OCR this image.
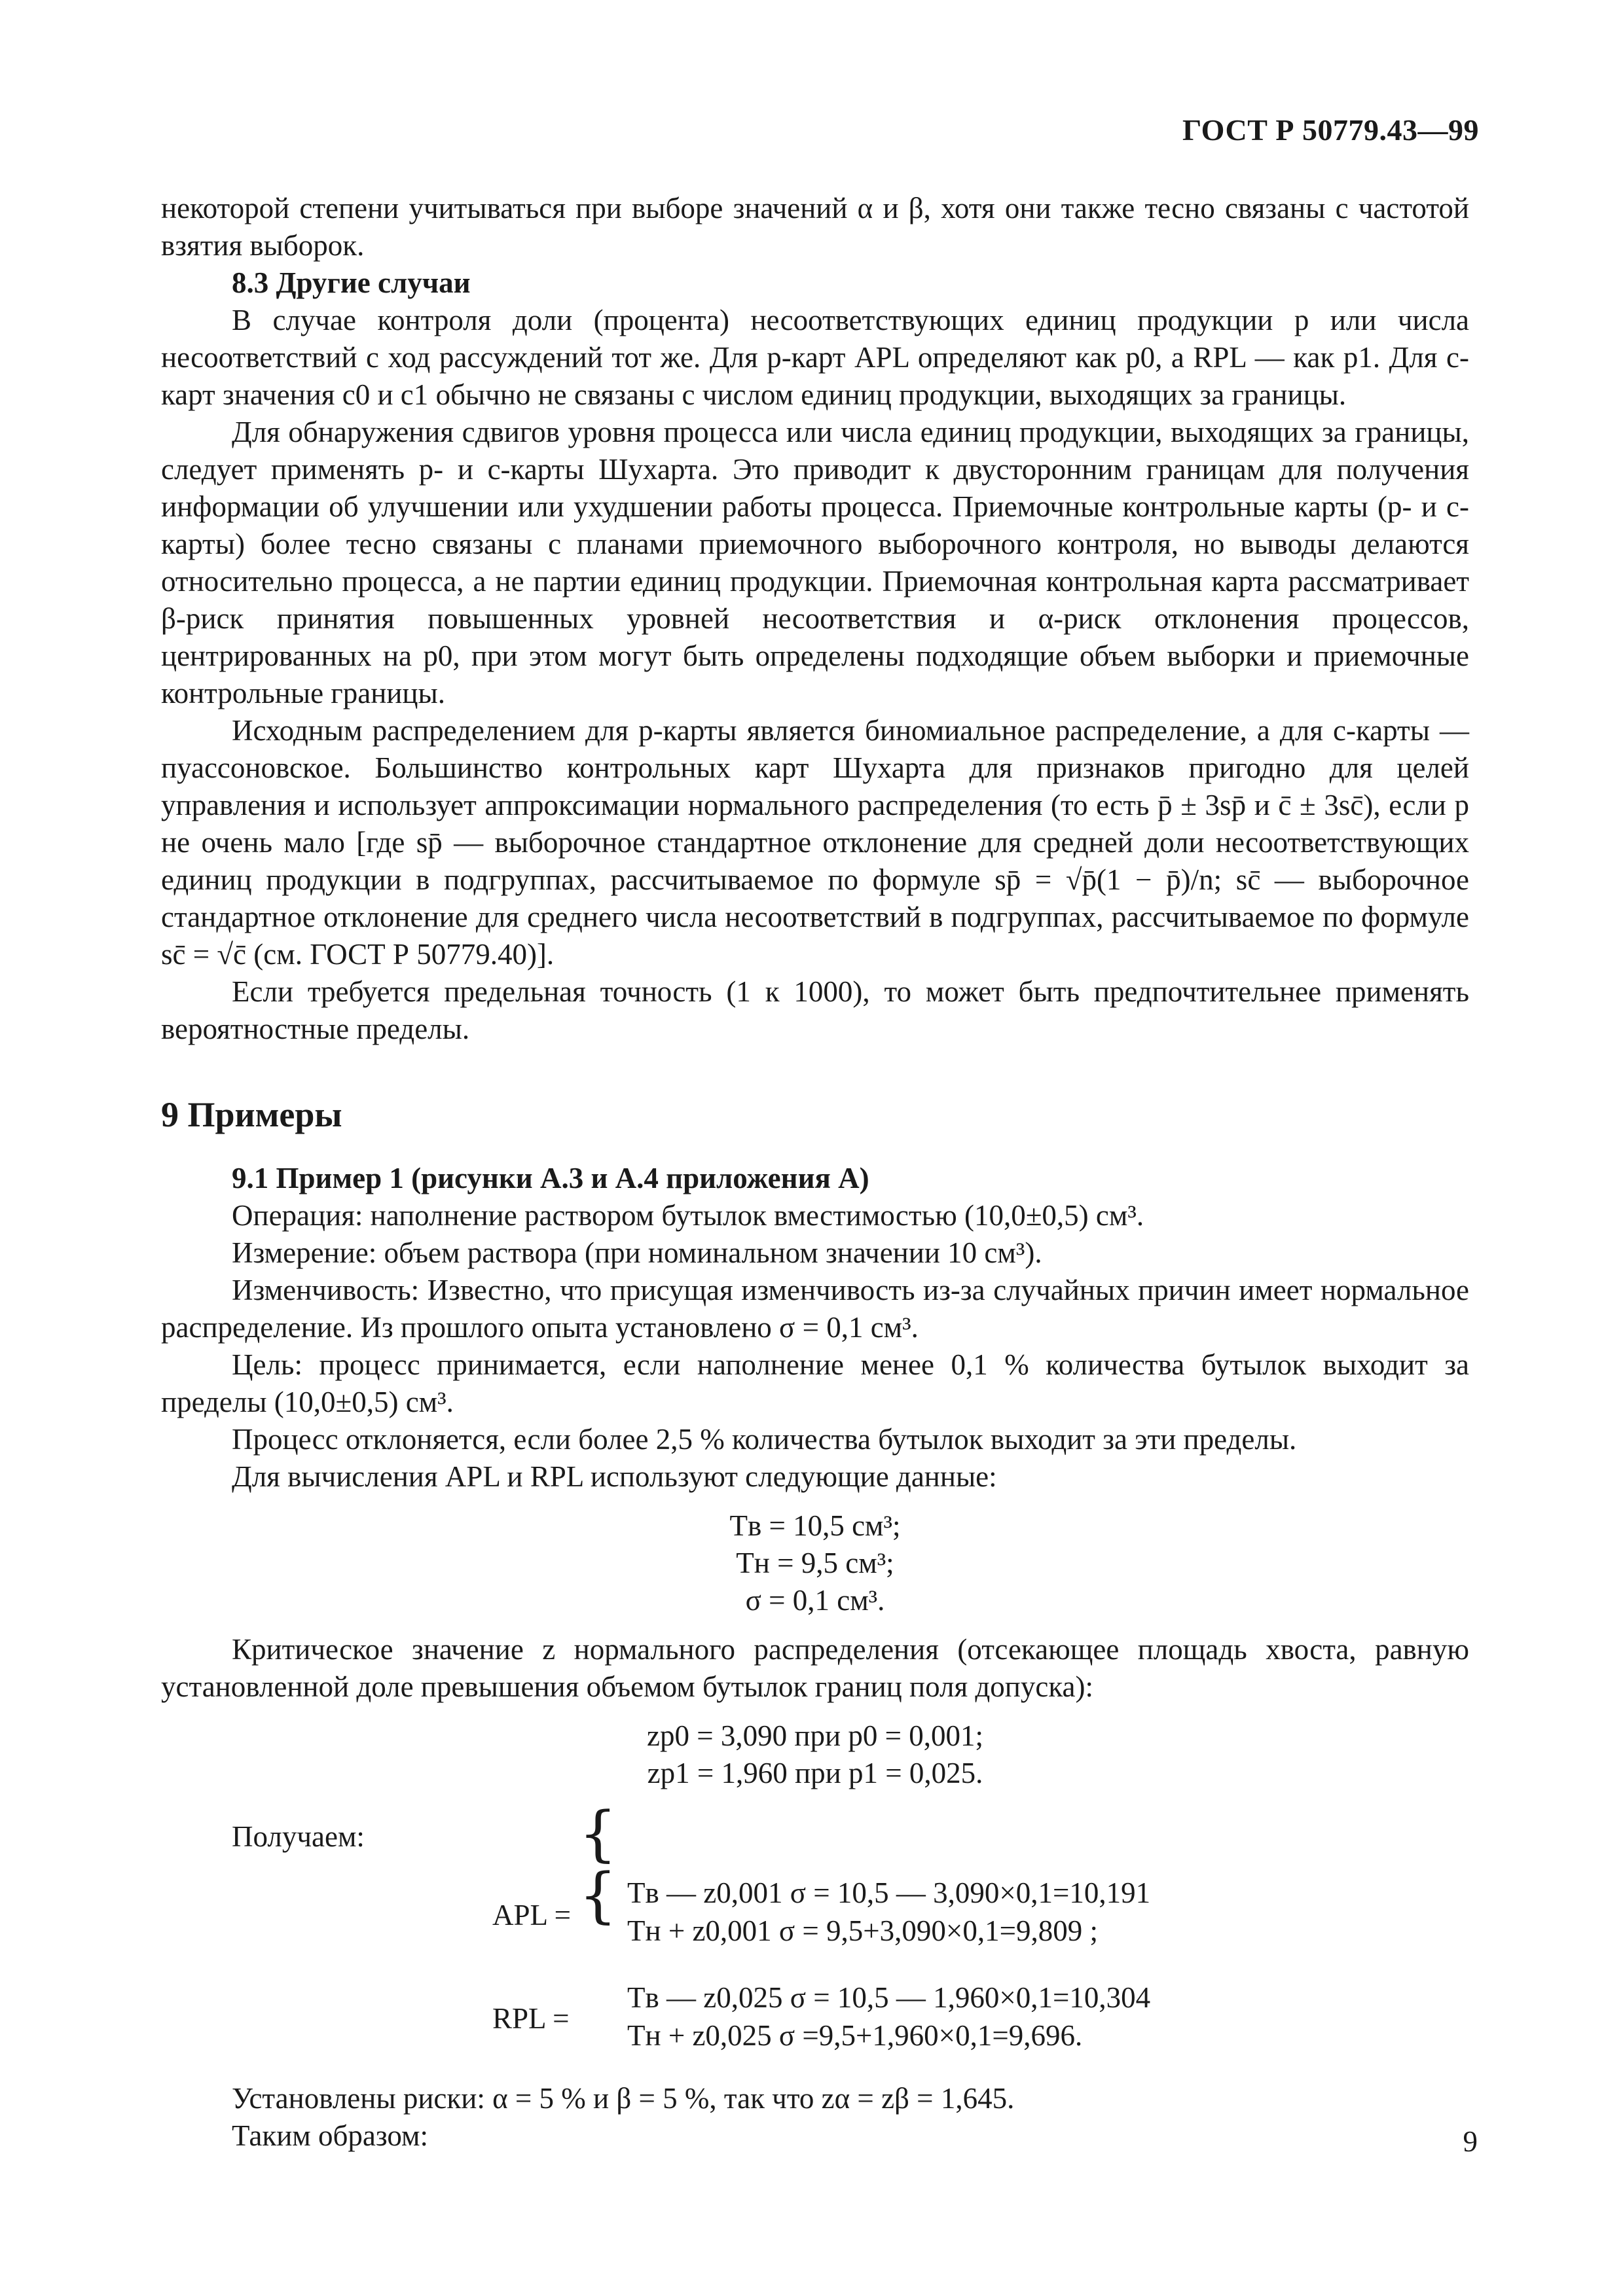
ГОСТ Р 50779.43—99

некоторой степени учитываться при выборе значений α и β, хотя они также тесно связаны с частотой взятия выборок.

8.3 Другие случаи

В случае контроля доли (процента) несоответствующих единиц продукции p или числа несоответствий c ход рассуждений тот же. Для p-карт APL определяют как p0, а RPL — как p1. Для c-карт значения c0 и c1 обычно не связаны с числом единиц продукции, выходящих за границы.

Для обнаружения сдвигов уровня процесса или числа единиц продукции, выходящих за границы, следует применять p- и c-карты Шухарта. Это приводит к двусторонним границам для получения информации об улучшении или ухудшении работы процесса. Приемочные контрольные карты (p- и c-карты) более тесно связаны с планами приемочного выборочного контроля, но выводы делаются относительно процесса, а не партии единиц продукции. Приемочная контрольная карта рассматривает β-риск принятия повышенных уровней несоответствия и α-риск отклонения процессов, центрированных на p0, при этом могут быть определены подходящие объем выборки и приемочные контрольные границы.

Исходным распределением для p-карты является биномиальное распределение, а для c-карты — пуассоновское. Большинство контрольных карт Шухарта для признаков пригодно для целей управления и использует аппроксимации нормального распределения (то есть p̄ ± 3sp̄ и c̄ ± 3sc̄), если p не очень мало [где sp̄ — выборочное стандартное отклонение для средней доли несоответствующих единиц продукции в подгруппах, рассчитываемое по формуле sp̄ = √p̄(1 − p̄)/n; sc̄ — выборочное стандартное отклонение для среднего числа несоответствий в подгруппах, рассчитываемое по формуле sc̄ = √c̄ (см. ГОСТ Р 50779.40)].

Если требуется предельная точность (1 к 1000), то может быть предпочтительнее применять вероятностные пределы.

9 Примеры

9.1 Пример 1 (рисунки А.3 и А.4 приложения А)

Операция: наполнение раствором бутылок вместимостью (10,0±0,5) см³.

Измерение: объем раствора (при номинальном значении 10 см³).

Изменчивость: Известно, что присущая изменчивость из-за случайных причин имеет нормальное распределение. Из прошлого опыта установлено σ = 0,1 см³.

Цель: процесс принимается, если наполнение менее 0,1 % количества бутылок выходит за пределы (10,0±0,5) см³.

Процесс отклоняется, если более 2,5 % количества бутылок выходит за эти пределы.

Для вычисления APL и RPL используют следующие данные:

Tв = 10,5 см³;
Tн = 9,5 см³;
σ = 0,1 см³.

Критическое значение z нормального распределения (отсекающее площадь хвоста, равную установленной доле превышения объемом бутылок границ поля допуска):

zp0 = 3,090 при p0 = 0,001;
zp1 = 1,960 при p1 = 0,025.
Получаем:	{
APL = { Tв — z0,001 σ = 10,5 — 3,090×0,1=10,191
Tн + z0,001 σ = 9,5+3,090×0,1=9,809 ;
RPL =
Tв — z0,025 σ = 10,5 — 1,960×0,1=10,304
Tн + z0,025 σ =9,5+1,960×0,1=9,696.

Установлены риски: α = 5 % и β = 5 %, так что zα = zβ = 1,645.

Таким образом:	9
